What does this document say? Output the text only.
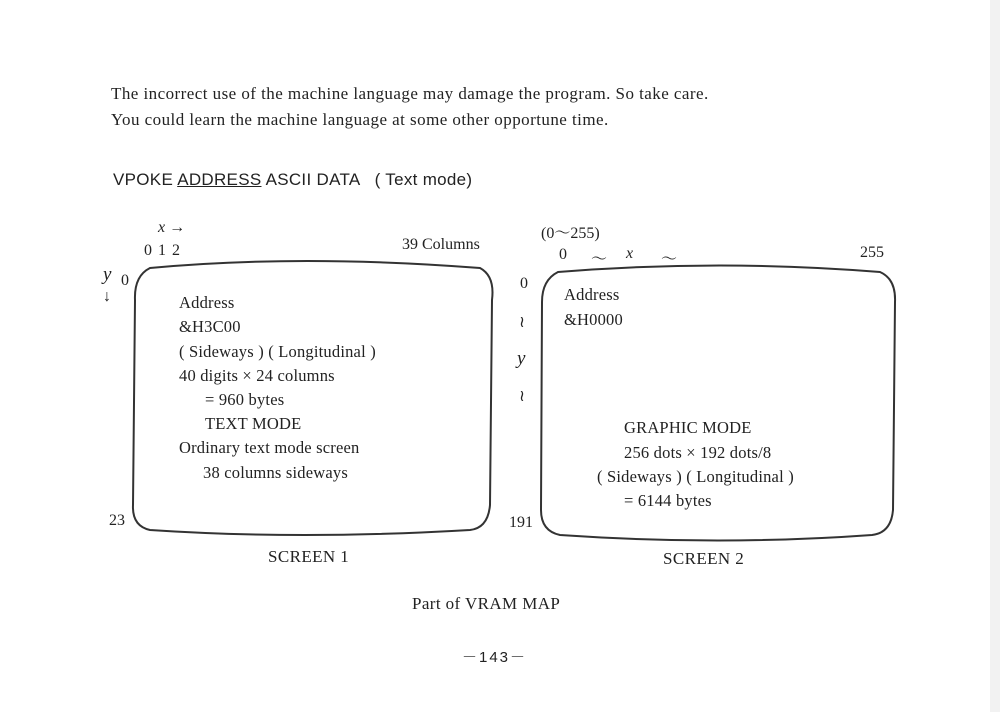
The incorrect use of the machine language may damage the program. So take care.
You could learn the machine language at some other opportune time.
VPOKE ADDRESS ASCII DATA ( Text mode)
x →
0 1 2	39 Columns
y
↓
0
23
Address
&H3C00
( Sideways ) ( Longitudinal )
40 digits × 24 columns
= 960 bytes
TEXT MODE
Ordinary text mode screen
38 columns sideways
SCREEN 1
(0～255)
0 ～ x ～	255
0
≀
y
≀
191
Address
&H0000
GRAPHIC MODE
256 dots × 192 dots/8
( Sideways ) ( Longitudinal )
= 6144 bytes
SCREEN 2
Part of VRAM MAP
－143－
